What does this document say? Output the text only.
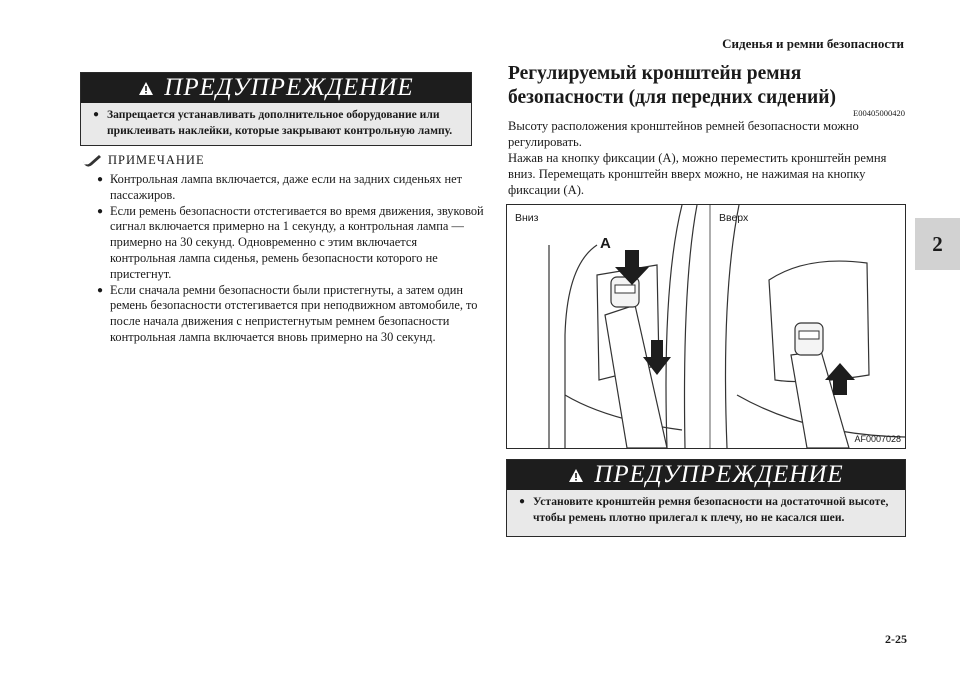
Сиденья и ремни безопасности
2
2-25
ПРЕДУПРЕЖДЕНИЕ
● Запрещается устанавливать дополнительное оборудование или приклеивать наклейки, которые закрывают контрольную лампу.
ПРИМЕЧАНИЕ
● Контрольная лампа включается, даже если на задних сиденьях нет пассажиров.
● Если ремень безопасности отстегивается во время движения, звуковой сигнал включается примерно на 1 секунду, а контрольная лампа — примерно на 30 секунд. Одновременно с этим включается контрольная лампа сиденья, ремень безопасности которого не пристегнут.
● Если сначала ремни безопасности были пристегнуты, а затем один ремень безопасности отстегивается при неподвижном автомобиле, то после начала движения с непристегнутым ремнем безопасности контрольная лампа включается вновь примерно на 30 секунд.
Регулируемый кронштейн ремня безопасности (для передних сидений)
E00405000420
Высоту расположения кронштейнов ремней безопасности можно регулировать.
Нажав на кнопку фиксации (A), можно переместить кронштейн ремня вниз. Перемещать кронштейн вверх можно, не нажимая на кнопку фиксации (A).
Вниз	Вверх
A
AF0007028
ПРЕДУПРЕЖДЕНИЕ
● Установите кронштейн ремня безопасности на достаточной высоте, чтобы ремень плотно прилегал к плечу, но не касался шеи.
